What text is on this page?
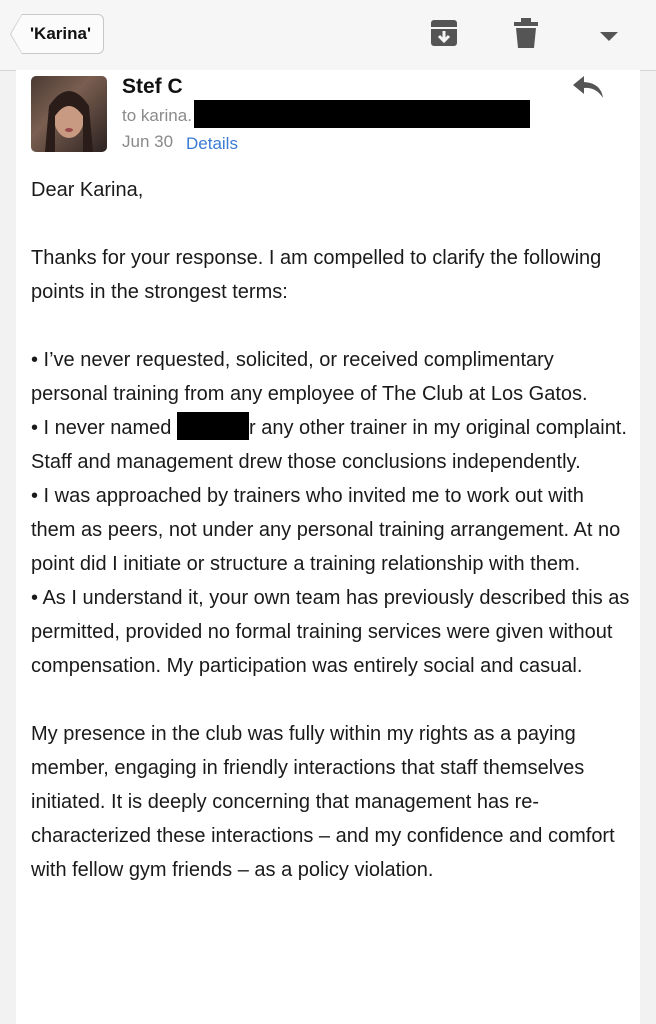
'Karina'
Stef C
to karina.
Jun 30 Details

Dear Karina,

Thanks for your response. I am compelled to clarify the following points in the strongest terms:

• I’ve never requested, solicited, or received complimentary personal training from any employee of The Club at Los Gatos.

• I never named	r any other trainer in my original complaint. Staff and management drew those conclusions independently.

• I was approached by trainers who invited me to work out with them as peers, not under any personal training arrangement. At no point did I initiate or structure a training relationship with them.

• As I understand it, your own team has previously described this as permitted, provided no formal training services were given without compensation. My participation was entirely social and casual.

My presence in the club was fully within my rights as a paying member, engaging in friendly interactions that staff themselves initiated. It is deeply concerning that management has re-characterized these interactions – and my confidence and comfort with fellow gym friends – as a policy violation.
